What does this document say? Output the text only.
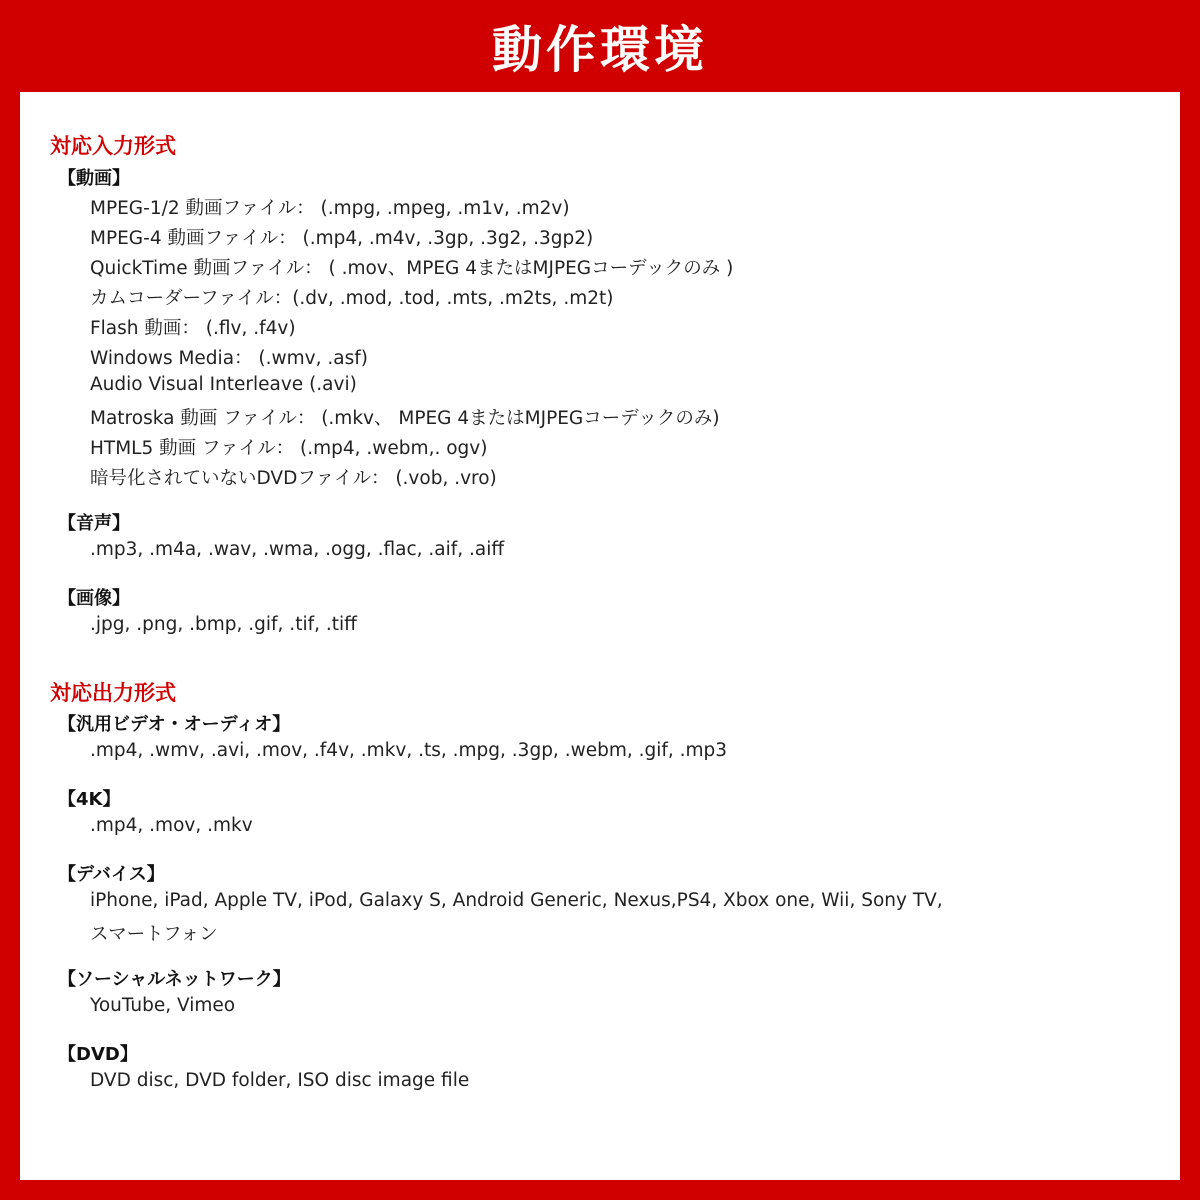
動作環境
対応入力形式
【動画】
MPEG-1/2 動画ファイル： (.mpg, .mpeg, .m1v, .m2v)
MPEG-4 動画ファイル： (.mp4, .m4v, .3gp, .3g2, .3gp2)
QuickTime 動画ファイル： ( .mov、MPEG 4またはMJPEGコーデックのみ )
カムコーダーファイル：(.dv, .mod, .tod, .mts, .m2ts, .m2t)
Flash 動画： (.flv, .f4v)
Windows Media： (.wmv, .asf)
Audio Visual Interleave (.avi)
Matroska 動画 ファイル： (.mkv、 MPEG 4またはMJPEGコーデックのみ)
HTML5 動画 ファイル： (.mp4, .webm,. ogv)
暗号化されていないDVDファイル： (.vob, .vro)
【音声】
.mp3, .m4a, .wav, .wma, .ogg, .flac, .aif, .aiff
【画像】
.jpg, .png, .bmp, .gif, .tif, .tiff
対応出力形式
【汎用ビデオ・オーディオ】
.mp4, .wmv, .avi, .mov, .f4v, .mkv, .ts, .mpg, .3gp, .webm, .gif, .mp3
【4K】
.mp4, .mov, .mkv
【デバイス】
iPhone, iPad, Apple TV, iPod, Galaxy S, Android Generic, Nexus,PS4, Xbox one, Wii, Sony TV,
スマートフォン
【ソーシャルネットワーク】
YouTube, Vimeo
【DVD】
DVD disc, DVD folder, ISO disc image file
